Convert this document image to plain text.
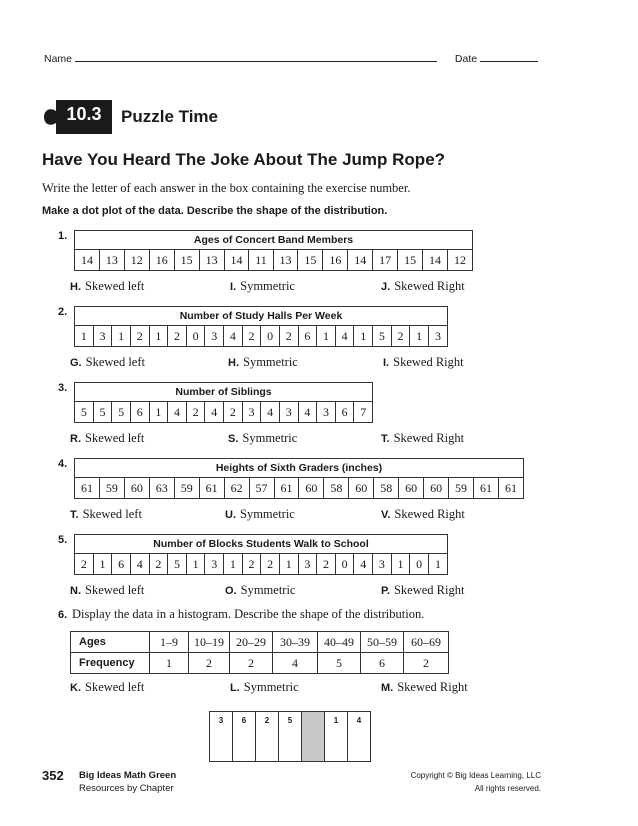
Name	Date
10.3	Puzzle Time
Have You Heard The Joke About The Jump Rope?
Write the letter of each answer in the box containing the exercise number.
Make a dot plot of the data. Describe the shape of the distribution.
1.	Ages of Concert Band Members
14	13	12	16	15	13	14	11	13	15	16	14	17	15	14	12
H. Skewed left	I. Symmetric	J. Skewed Right
2.	Number of Study Halls Per Week
1	3	1	2	1	2	0	3	4	2	0	2	6	1	4	1	5	2	1	3
G. Skewed left	H. Symmetric	I. Skewed Right
3.	Number of Siblings
5	5	5	6	1	4	2	4	2	3	4	3	4	3	6	7
R. Skewed left	S. Symmetric	T. Skewed Right
4.	Heights of Sixth Graders (inches)
61	59	60	63	59	61	62	57	61	60	58	60	58	60	60	59	61	61
T. Skewed left	U. Symmetric	V. Skewed Right
5.	Number of Blocks Students Walk to School
2	1	6	4	2	5	1	3	1	2	2	1	3	2	0	4	3	1	0	1
N. Skewed left	O. Symmetric	P. Skewed Right
6. Display the data in a histogram. Describe the shape of the distribution.
Ages	1–9	10–19	20–29	30–39	40–49	50–59	60–69
Frequency	1	2	2	4	5	6	2
K. Skewed left	L. Symmetric	M. Skewed Right
3	6	2	5		1	4
352 Big Ideas Math Green
Resources by Chapter
Copyright © Big Ideas Learning, LLC
All rights reserved.
